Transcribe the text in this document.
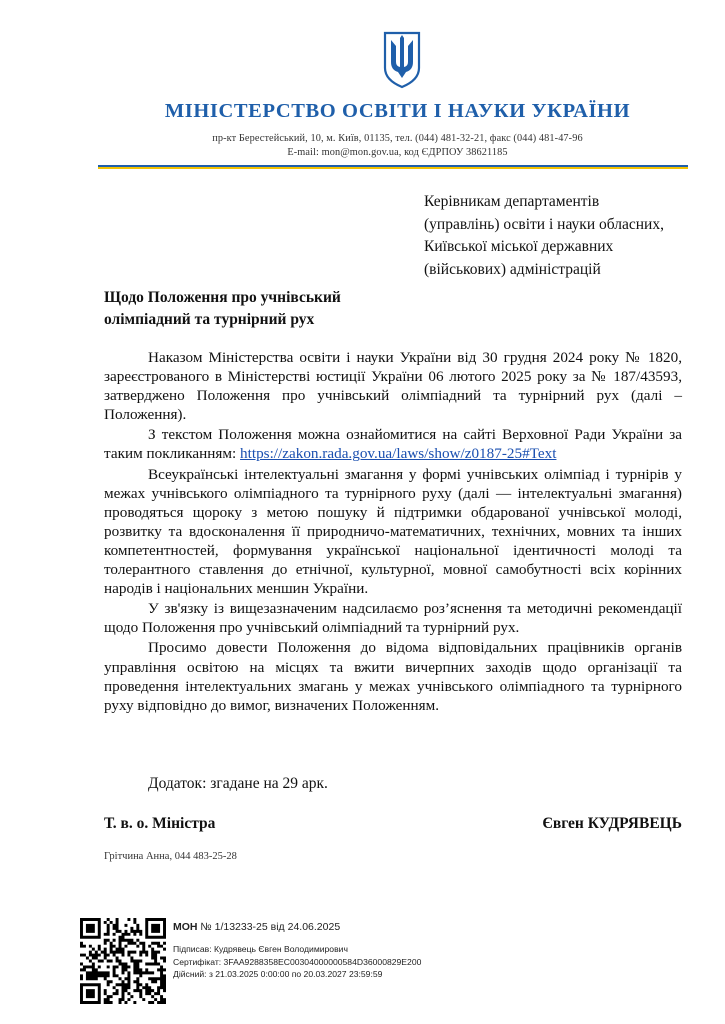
МІНІСТЕРСТВО ОСВІТИ І НАУКИ УКРАЇНИ
пр-кт Берестейський, 10, м. Київ, 01135, тел. (044) 481-32-21, факс (044) 481-47-96
E-mail: mon@mon.gov.ua, код ЄДРПОУ 38621185
Керівникам департаментів
(управлінь) освіти і науки обласних,
Київської міської державних
(військових) адміністрацій
Щодо Положення про учнівський
олімпіадний та турнірний рух

Наказом Міністерства освіти і науки України від 30 грудня 2024 року № 1820, зареєстрованого в Міністерстві юстиції України 06 лютого 2025 року за № 187/43593, затверджено Положення про учнівський олімпіадний та турнірний рух (далі – Положення).

З текстом Положення можна ознайомитися на сайті Верховної Ради України за таким покликанням: https://zakon.rada.gov.ua/laws/show/z0187-25#Text

Всеукраїнські інтелектуальні змагання у формі учнівських олімпіад і турнірів у межах учнівського олімпіадного та турнірного руху (далі — інтелектуальні змагання) проводяться щороку з метою пошуку й підтримки обдарованої учнівської молоді, розвитку та вдосконалення її природничо-математичних, технічних, мовних та інших компетентностей, формування української національної ідентичності молоді та толерантного ставлення до етнічної, культурної, мовної самобутності всіх корінних народів і національних меншин України.

У зв'язку із вищезазначеним надсилаємо роз’яснення та методичні рекомендації щодо Положення про учнівський олімпіадний та турнірний рух.

Просимо довести Положення до відома відповідальних працівників органів управління освітою на місцях та вжити вичерпних заходів щодо організації та проведення інтелектуальних змагань у межах учнівського олімпіадного та турнірного руху відповідно до вимог, визначених Положенням.

Додаток: згадане на 29 арк.
Т. в. о. Міністра	Євген КУДРЯВЕЦЬ
Грітчина Анна, 044 483-25-28
МОН № 1/13233-25 від 24.06.2025
Підписав: Кудрявець Євген Володимирович
Сертифікат: 3FAA9288358EC00304000000584D36000829E200
Дійсний: з 21.03.2025 0:00:00 по 20.03.2027 23:59:59
